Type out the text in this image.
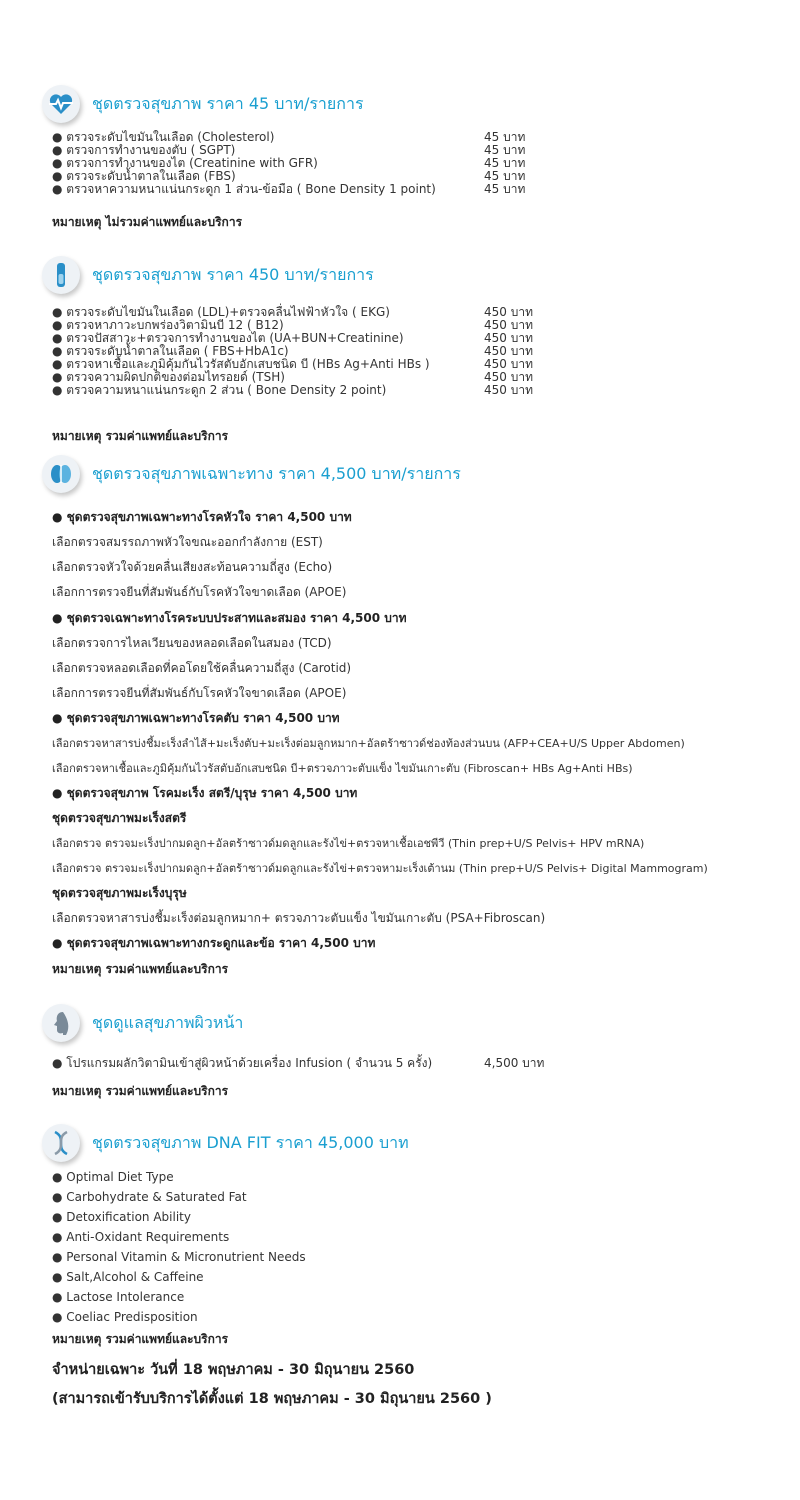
ชุดตรวจสุขภาพ ราคา 45 บาท/รายการ
● ตรวจระดับไขมันในเลือด (Cholesterol)	45 บาท
● ตรวจการทำงานของตับ ( SGPT)	45 บาท
● ตรวจการทำงานของไต (Creatinine with GFR)	45 บาท
● ตรวจระดับน้ำตาลในเลือด (FBS)	45 บาท
● ตรวจหาความหนาแน่นกระดูก 1 ส่วน-ข้อมือ ( Bone Density 1 point)	45 บาท
หมายเหตุ ไม่รวมค่าแพทย์และบริการ
ชุดตรวจสุขภาพ ราคา 450 บาท/รายการ
● ตรวจระดับไขมันในเลือด (LDL)+ตรวจคลื่นไฟฟ้าหัวใจ ( EKG)	450 บาท
● ตรวจหาภาวะบกพร่องวิตามินบี 12 ( B12)	450 บาท
● ตรวจปัสสาวะ+ตรวจการทำงานของไต (UA+BUN+Creatinine)	450 บาท
● ตรวจระดับน้ำตาลในเลือด ( FBS+HbA1c)	450 บาท
● ตรวจหาเชื้อและภูมิคุ้มกันไวรัสตับอักเสบชนิด บี (HBs Ag+Anti HBs )	450 บาท
● ตรวจความผิดปกติของต่อมไทรอยด์ (TSH)	450 บาท
● ตรวจความหนาแน่นกระดูก 2 ส่วน ( Bone Density 2 point)	450 บาท
หมายเหตุ รวมค่าแพทย์และบริการ
ชุดตรวจสุขภาพเฉพาะทาง ราคา 4,500 บาท/รายการ
● ชุดตรวจสุขภาพเฉพาะทางโรคหัวใจ ราคา 4,500 บาท
เลือกตรวจสมรรถภาพหัวใจขณะออกกำลังกาย (EST)
เลือกตรวจหัวใจด้วยคลื่นเสียงสะท้อนความถี่สูง (Echo)
เลือกการตรวจยีนที่สัมพันธ์กับโรคหัวใจขาดเลือด (APOE)
● ชุดตรวจเฉพาะทางโรคระบบประสาทและสมอง ราคา 4,500 บาท
เลือกตรวจการไหลเวียนของหลอดเลือดในสมอง (TCD)
เลือกตรวจหลอดเลือดที่คอโดยใช้คลื่นความถี่สูง (Carotid)
เลือกการตรวจยีนที่สัมพันธ์กับโรคหัวใจขาดเลือด (APOE)
● ชุดตรวจสุขภาพเฉพาะทางโรคตับ ราคา 4,500 บาท
เลือกตรวจหาสารบ่งชี้มะเร็งลำไส้+มะเร็งตับ+มะเร็งต่อมลูกหมาก+อัลตร้าซาวด์ช่องท้องส่วนบน (AFP+CEA+U/S Upper Abdomen)
เลือกตรวจหาเชื้อและภูมิคุ้มกันไวรัสตับอักเสบชนิด บี+ตรวจภาวะตับแข็ง ไขมันเกาะตับ (Fibroscan+ HBs Ag+Anti HBs)
● ชุดตรวจสุขภาพ โรคมะเร็ง สตรี/บุรุษ ราคา 4,500 บาท
ชุดตรวจสุขภาพมะเร็งสตรี
เลือกตรวจ ตรวจมะเร็งปากมดลูก+อัลตร้าซาวด์มดลูกและรังไข่+ตรวจหาเชื้อเอชพีวี (Thin prep+U/S Pelvis+ HPV mRNA)
เลือกตรวจ ตรวจมะเร็งปากมดลูก+อัลตร้าซาวด์มดลูกและรังไข่+ตรวจหามะเร็งเต้านม (Thin prep+U/S Pelvis+ Digital Mammogram)
ชุดตรวจสุขภาพมะเร็งบุรุษ
เลือกตรวจหาสารบ่งชี้มะเร็งต่อมลูกหมาก+ ตรวจภาวะตับแข็ง ไขมันเกาะตับ (PSA+Fibroscan)
● ชุดตรวจสุขภาพเฉพาะทางกระดูกและข้อ ราคา 4,500 บาท
หมายเหตุ รวมค่าแพทย์และบริการ
ชุดดูแลสุขภาพผิวหน้า
● โปรแกรมผลักวิตามินเข้าสู่ผิวหน้าด้วยเครื่อง Infusion ( จำนวน 5 ครั้ง)	4,500 บาท
หมายเหตุ รวมค่าแพทย์และบริการ
ชุดตรวจสุขภาพ DNA FIT ราคา 45,000 บาท
● Optimal Diet Type
● Carbohydrate & Saturated Fat
● Detoxification Ability
● Anti-Oxidant Requirements
● Personal Vitamin & Micronutrient Needs
● Salt,Alcohol & Caffeine
● Lactose Intolerance
● Coeliac Predisposition
หมายเหตุ รวมค่าแพทย์และบริการ
จำหน่ายเฉพาะ วันที่ 18 พฤษภาคม - 30 มิถุนายน 2560
(สามารถเข้ารับบริการได้ตั้งแต่ 18 พฤษภาคม - 30 มิถุนายน 2560 )
